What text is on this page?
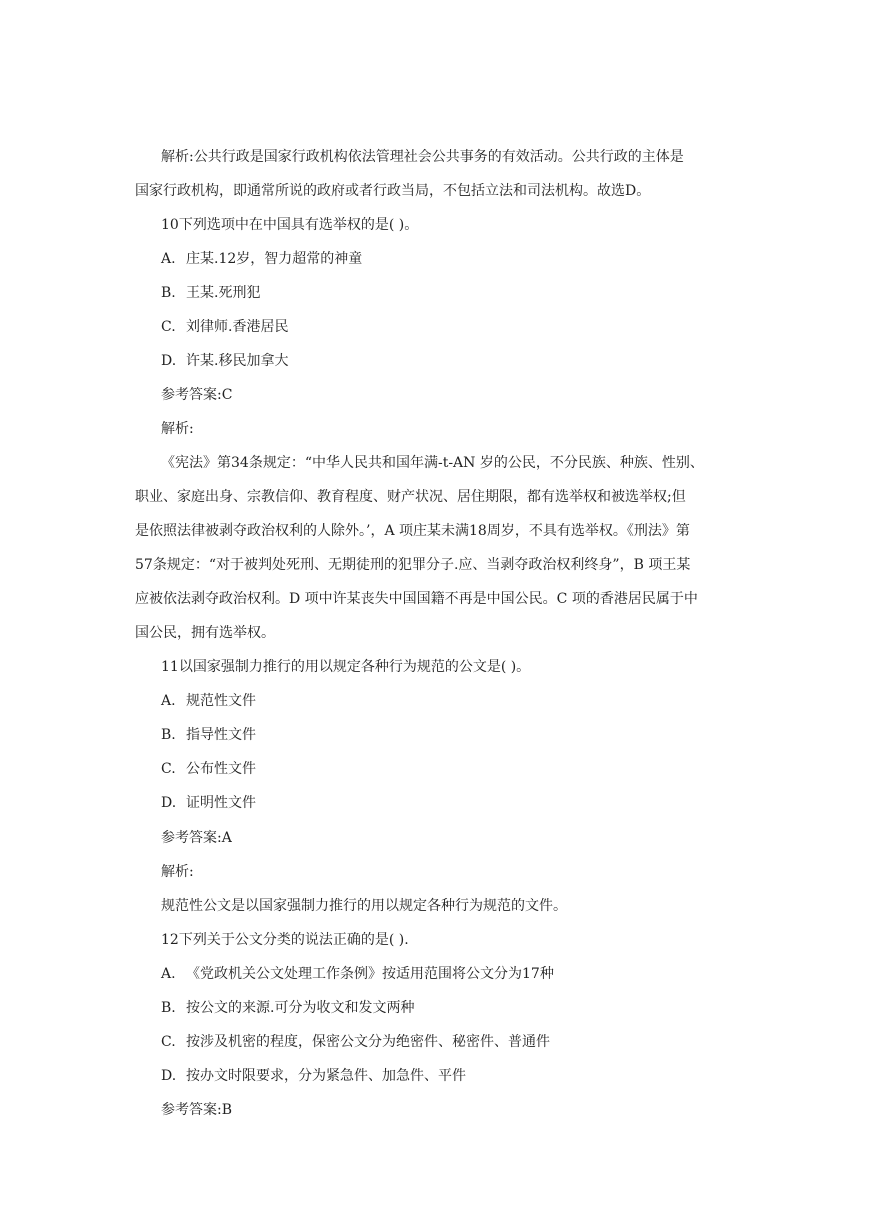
解析:公共行政是国家行政机构依法管理社会公共事务的有效活动。公共行政的主体是
国家行政机构，即通常所说的政府或者行政当局，不包括立法和司法机构。故选D。
10下列选项中在中国具有选举权的是( )。
A. 庄某.12岁，智力超常的神童
B. 王某.死刑犯
C. 刘律师.香港居民
D. 许某.移民加拿大
参考答案:C
解析:
《宪法》第34条规定：“中华人民共和国年满-t-AN 岁的公民，不分民族、种族、性别、
职业、家庭出身、宗教信仰、教育程度、财产状况、居住期限，都有选举权和被选举权;但
是依照法律被剥夺政治权利的人除外。’，A 项庄某未满18周岁，不具有选举权。《刑法》第
57条规定：“对于被判处死刑、无期徒刑的犯罪分子.应、当剥夺政治权利终身”，B 项王某
应被依法剥夺政治权利。D 项中许某丧失中国国籍不再是中国公民。C 项的香港居民属于中
国公民，拥有选举权。
11以国家强制力推行的用以规定各种行为规范的公文是( )。
A. 规范性文件
B. 指导性文件
C. 公布性文件
D. 证明性文件
参考答案:A
解析:
规范性公文是以国家强制力推行的用以规定各种行为规范的文件。
12下列关于公文分类的说法正确的是( ).
A. 《党政机关公文处理工作条例》按适用范围将公文分为17种
B. 按公文的来源.可分为收文和发文两种
C. 按涉及机密的程度，保密公文分为绝密件、秘密件、普通件
D. 按办文时限要求，分为紧急件、加急件、平件
参考答案:B
